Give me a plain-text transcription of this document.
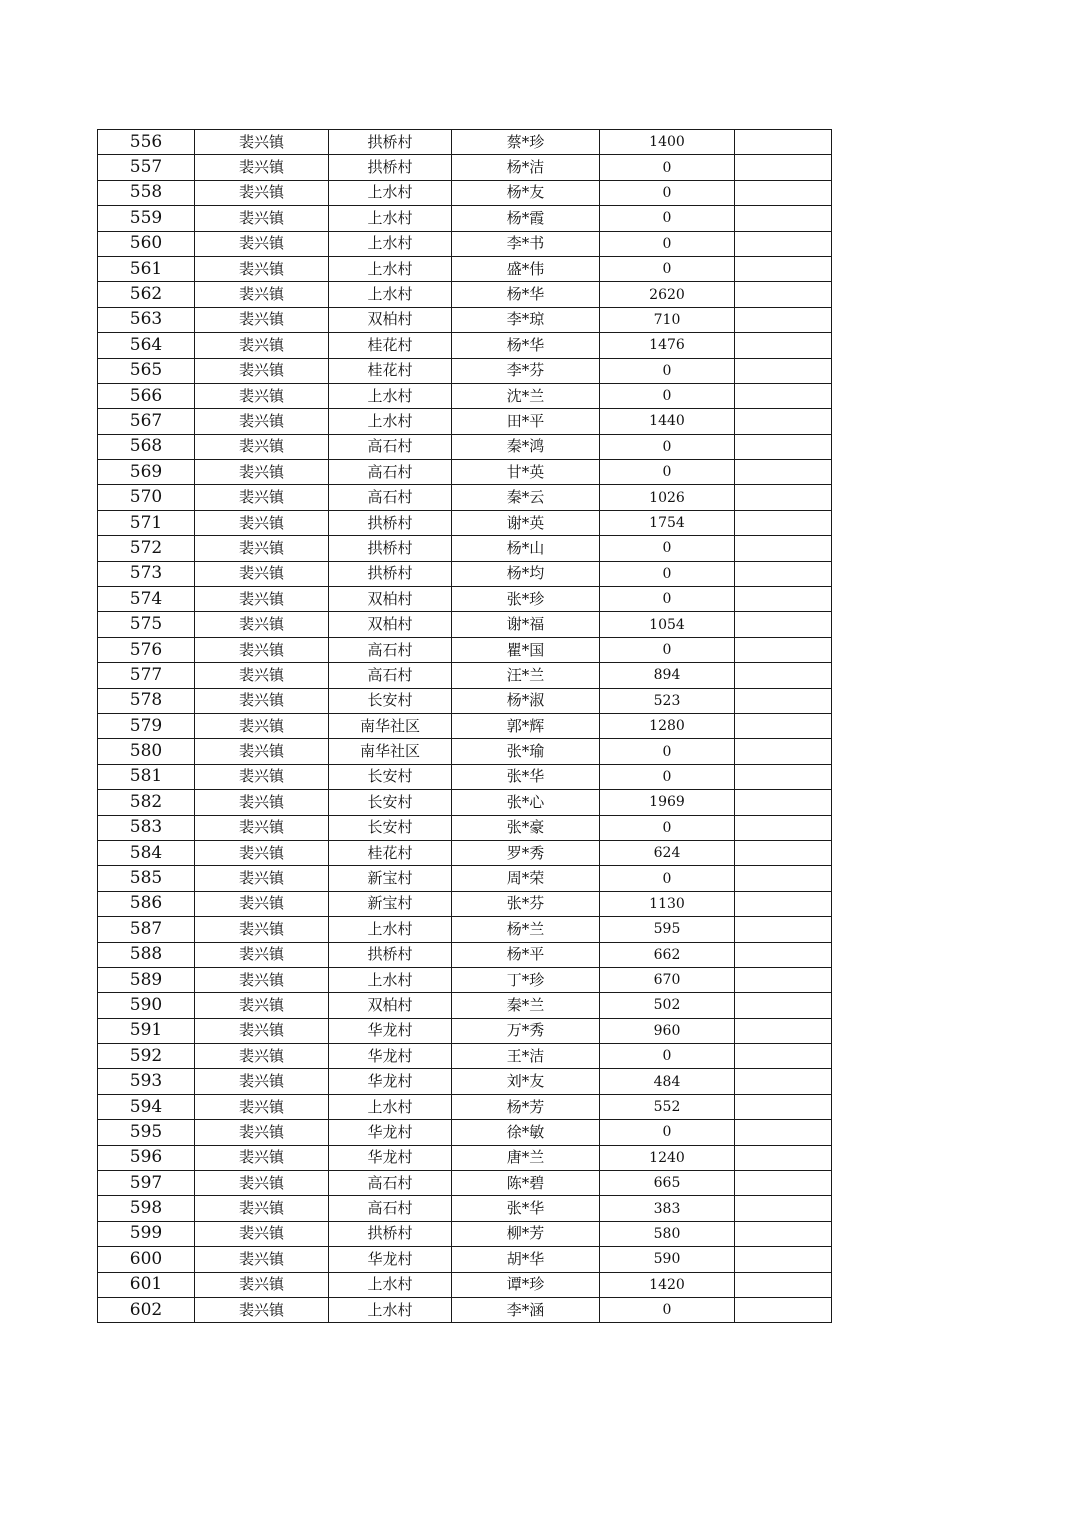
556	裴兴镇	拱桥村	蔡*珍	1400	
557	裴兴镇	拱桥村	杨*洁	0	
558	裴兴镇	上水村	杨*友	0	
559	裴兴镇	上水村	杨*霞	0	
560	裴兴镇	上水村	李*书	0	
561	裴兴镇	上水村	盛*伟	0	
562	裴兴镇	上水村	杨*华	2620	
563	裴兴镇	双柏村	李*琼	710	
564	裴兴镇	桂花村	杨*华	1476	
565	裴兴镇	桂花村	李*芬	0	
566	裴兴镇	上水村	沈*兰	0	
567	裴兴镇	上水村	田*平	1440	
568	裴兴镇	高石村	秦*鸿	0	
569	裴兴镇	高石村	甘*英	0	
570	裴兴镇	高石村	秦*云	1026	
571	裴兴镇	拱桥村	谢*英	1754	
572	裴兴镇	拱桥村	杨*山	0	
573	裴兴镇	拱桥村	杨*均	0	
574	裴兴镇	双柏村	张*珍	0	
575	裴兴镇	双柏村	谢*福	1054	
576	裴兴镇	高石村	瞿*国	0	
577	裴兴镇	高石村	汪*兰	894	
578	裴兴镇	长安村	杨*淑	523	
579	裴兴镇	南华社区	郭*辉	1280	
580	裴兴镇	南华社区	张*瑜	0	
581	裴兴镇	长安村	张*华	0	
582	裴兴镇	长安村	张*心	1969	
583	裴兴镇	长安村	张*豪	0	
584	裴兴镇	桂花村	罗*秀	624	
585	裴兴镇	新宝村	周*荣	0	
586	裴兴镇	新宝村	张*芬	1130	
587	裴兴镇	上水村	杨*兰	595	
588	裴兴镇	拱桥村	杨*平	662	
589	裴兴镇	上水村	丁*珍	670	
590	裴兴镇	双柏村	秦*兰	502	
591	裴兴镇	华龙村	万*秀	960	
592	裴兴镇	华龙村	王*洁	0	
593	裴兴镇	华龙村	刘*友	484	
594	裴兴镇	上水村	杨*芳	552	
595	裴兴镇	华龙村	徐*敏	0	
596	裴兴镇	华龙村	唐*兰	1240	
597	裴兴镇	高石村	陈*碧	665	
598	裴兴镇	高石村	张*华	383	
599	裴兴镇	拱桥村	柳*芳	580	
600	裴兴镇	华龙村	胡*华	590	
601	裴兴镇	上水村	谭*珍	1420	
602	裴兴镇	上水村	李*涵	0	
